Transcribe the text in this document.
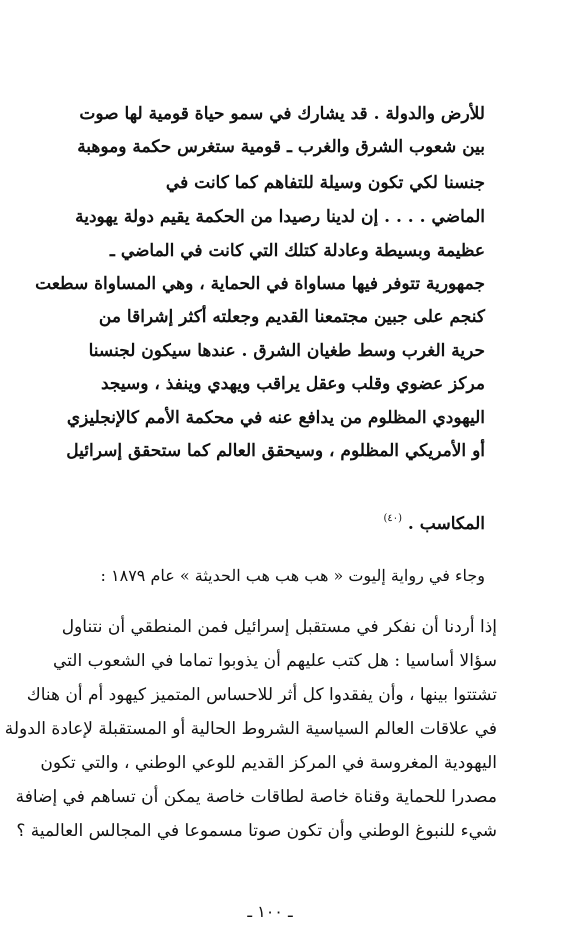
للأرض والدولة . قد يشارك في سمو حياة قومية لها صوت
بين شعوب الشرق والغرب ـ قومية ستغرس حكمة وموهبة
جنسنا لكي تكون وسيلة للتفاهم كما كانت في
الماضي . . . . إن لدينا رصيدا من الحكمة يقيم دولة يهودية
عظيمة وبسيطة وعادلة كتلك التي كانت في الماضي ـ
جمهورية تتوفر فيها مساواة في الحماية ، وهي المساواة سطعت
كنجم على جبين مجتمعنا القديم وجعلته أكثر إشراقا من
حرية الغرب وسط طغيان الشرق . عندها سيكون لجنسنا
مركز عضوي وقلب وعقل يراقب ويهدي وينفذ ، وسيجد
اليهودي المظلوم من يدافع عنه في محكمة الأمم كالإنجليزي
أو الأمريكي المظلوم ، وسيحقق العالم كما ستحقق إسرائيل
المكاسب . $^{(٤٠)}$
وجاء في رواية إليوت « هب هب هب الحديثة » عام ١٨٧٩ :
إذا أردنا أن نفكر في مستقبل إسرائيل فمن المنطقي أن نتناول
سؤالا أساسيا : هل كتب عليهم أن يذوبوا تماما في الشعوب التي
تشتتوا بينها ، وأن يفقدوا كل أثر للاحساس المتميز كيهود أم أن هناك
في علاقات العالم السياسية الشروط الحالية أو المستقبلة لإعادة الدولة
اليهودية المغروسة في المركز القديم للوعي الوطني ، والتي تكون
مصدرا للحماية وقناة خاصة لطاقات خاصة يمكن أن تساهم في إضافة
شيء للنبوغ الوطني وأن تكون صوتا مسموعا في المجالس العالمية ؟
ـ ١٠٠ ـ
